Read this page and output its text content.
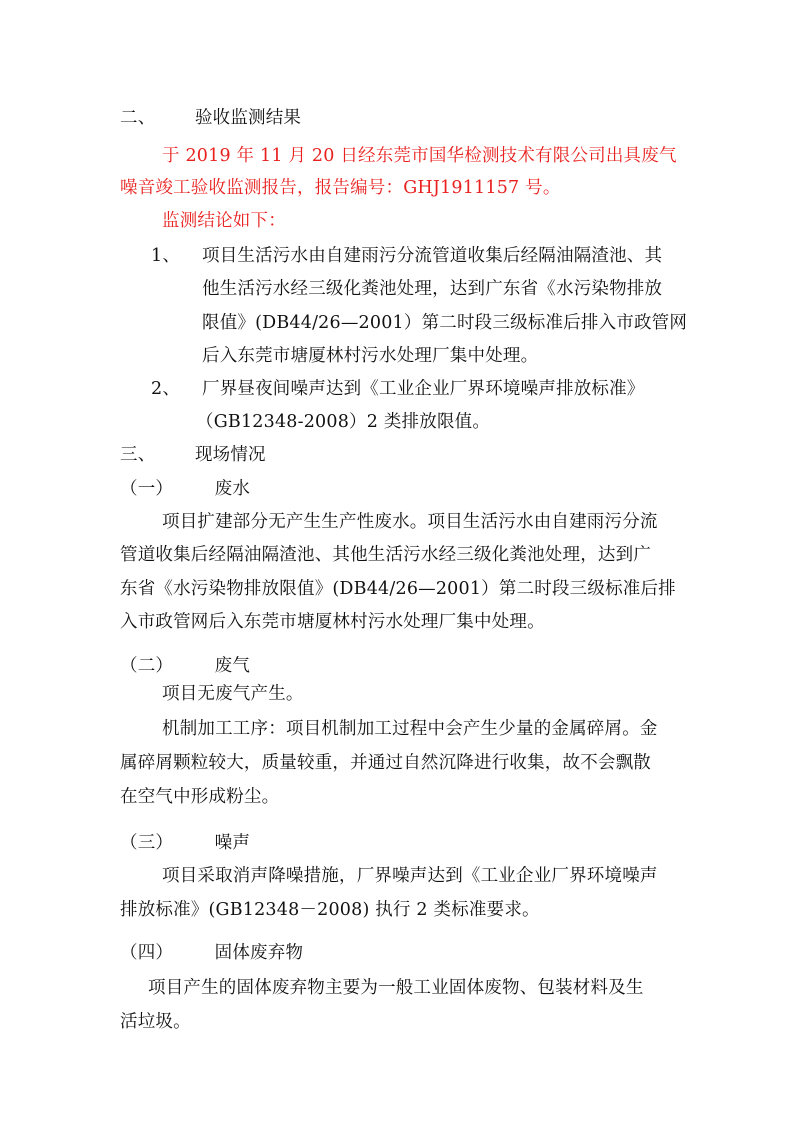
二、 验收监测结果
于 2019 年 11 月 20 日经东莞市国华检测技术有限公司出具废气
噪音竣工验收监测报告，报告编号：GHJ1911157 号。
监测结论如下：
1、 项目生活污水由自建雨污分流管道收集后经隔油隔渣池、其
他生活污水经三级化粪池处理，达到广东省《水污染物排放
限值》(DB44/26—2001）第二时段三级标准后排入市政管网
后入东莞市塘厦林村污水处理厂集中处理。
2、 厂界昼夜间噪声达到《工业企业厂界环境噪声排放标准》
（GB12348-2008）2 类排放限值。
三、 现场情况
（一） 废水
项目扩建部分无产生生产性废水。项目生活污水由自建雨污分流
管道收集后经隔油隔渣池、其他生活污水经三级化粪池处理，达到广
东省《水污染物排放限值》(DB44/26—2001）第二时段三级标准后排
入市政管网后入东莞市塘厦林村污水处理厂集中处理。
（二） 废气
项目无废气产生。
机制加工工序：项目机制加工过程中会产生少量的金属碎屑。金
属碎屑颗粒较大，质量较重，并通过自然沉降进行收集，故不会飘散
在空气中形成粉尘。
（三） 噪声
项目采取消声降噪措施，厂界噪声达到《工业企业厂界环境噪声
排放标准》(GB12348－2008) 执行 2 类标准要求。
（四） 固体废弃物
项目产生的固体废弃物主要为一般工业固体废物、包装材料及生
活垃圾。
